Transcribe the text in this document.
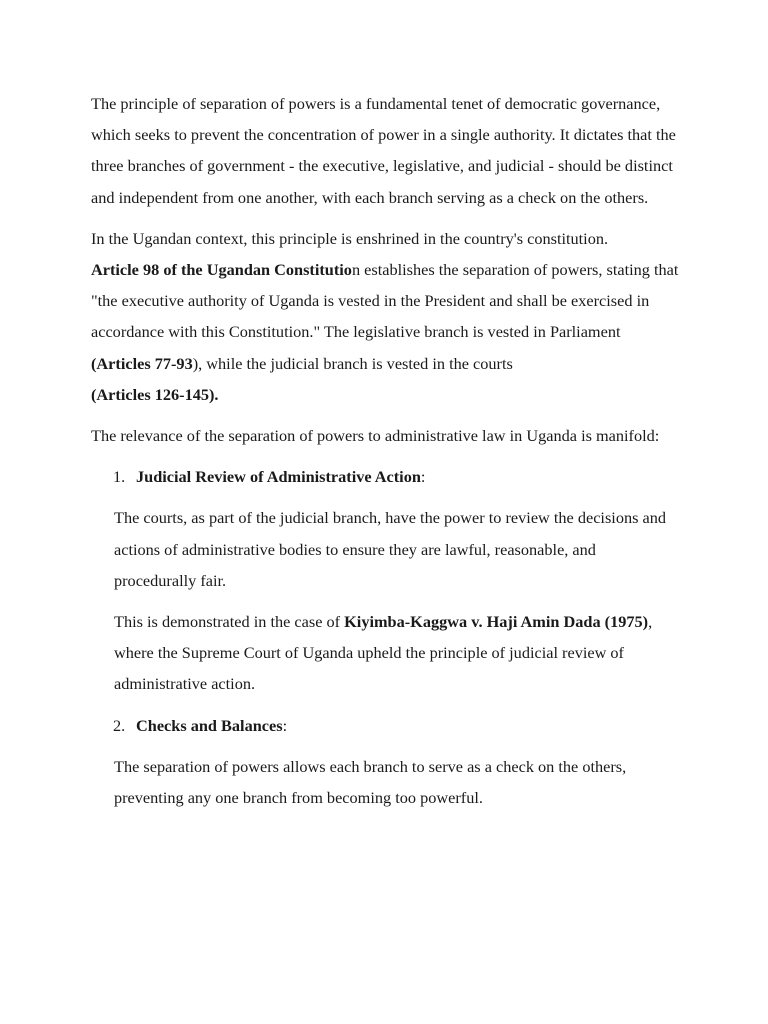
The principle of separation of powers is a fundamental tenet of democratic governance, which seeks to prevent the concentration of power in a single authority. It dictates that the three branches of government - the executive, legislative, and judicial - should be distinct and independent from one another, with each branch serving as a check on the others.

In the Ugandan context, this principle is enshrined in the country's constitution.
Article 98 of the Ugandan Constitution establishes the separation of powers, stating that "the executive authority of Uganda is vested in the President and shall be exercised in accordance with this Constitution." The legislative branch is vested in Parliament (Articles 77-93), while the judicial branch is vested in the courts
(Articles 126-145).

The relevance of the separation of powers to administrative law in Uganda is manifold:

1. Judicial Review of Administrative Action:

The courts, as part of the judicial branch, have the power to review the decisions and actions of administrative bodies to ensure they are lawful, reasonable, and procedurally fair.

This is demonstrated in the case of Kiyimba-Kaggwa v. Haji Amin Dada (1975), where the Supreme Court of Uganda upheld the principle of judicial review of administrative action.

2. Checks and Balances:

The separation of powers allows each branch to serve as a check on the others, preventing any one branch from becoming too powerful.
